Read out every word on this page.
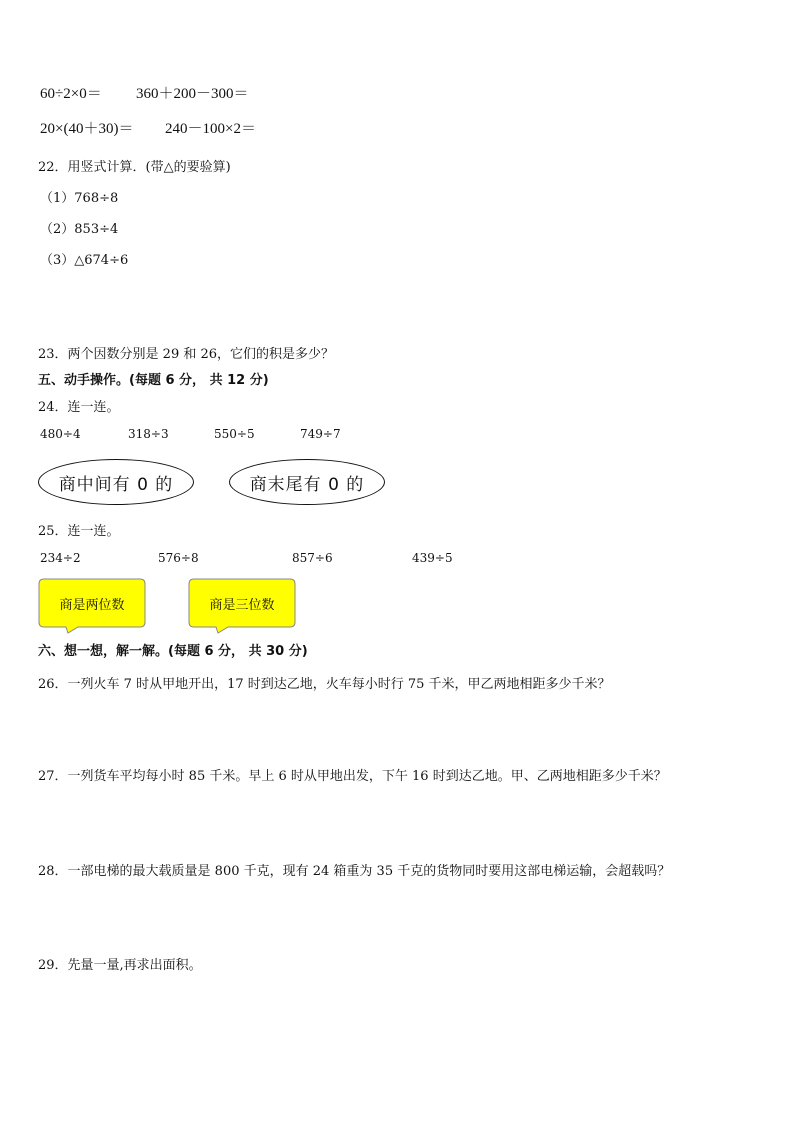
60÷2×0＝ 360＋200－300＝
20×(40＋30)＝ 240－100×2＝
22．用竖式计算．(带△的要验算)
（1）768÷8
（2）853÷4
（3）△674÷6
23．两个因数分别是 29 和 26，它们的积是多少？
五、动手操作。(每题 6 分， 共 12 分)
24．连一连。
480÷4	318÷3	550÷5	749÷7
商中间有 0 的	商末尾有 0 的
25．连一连。
234÷2	576÷8	857÷6	439÷5
商是两位数	商是三位数
六、想一想，解一解。(每题 6 分， 共 30 分)
26．一列火车 7 时从甲地开出，17 时到达乙地，火车每小时行 75 千米，甲乙两地相距多少千米？
27．一列货车平均每小时 85 千米。早上 6 时从甲地出发，下午 16 时到达乙地。甲、乙两地相距多少千米？
28．一部电梯的最大载质量是 800 千克，现有 24 箱重为 35 千克的货物同时要用这部电梯运输，会超载吗？
29．先量一量,再求出面积。
